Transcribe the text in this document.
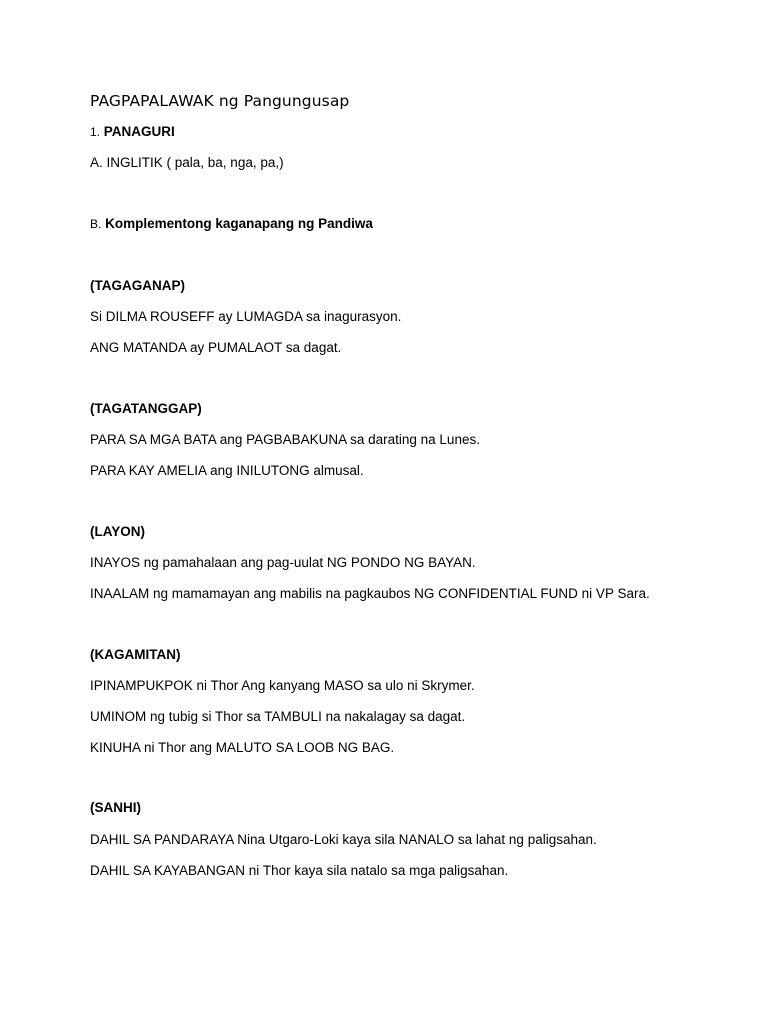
PAGPAPALAWAK ng Pangungusap
1. PANAGURI
A. INGLITIK ( pala, ba, nga, pa,)
B. Komplementong kaganapang ng Pandiwa
(TAGAGANAP)
Si DILMA ROUSEFF ay LUMAGDA sa inagurasyon.
ANG MATANDA ay PUMALAOT sa dagat.
(TAGATANGGAP)
PARA SA MGA BATA ang PAGBABAKUNA sa darating na Lunes.
PARA KAY AMELIA ang INILUTONG almusal.
(LAYON)
INAYOS ng pamahalaan ang pag-uulat NG PONDO NG BAYAN.
INAALAM ng mamamayan ang mabilis na pagkaubos NG CONFIDENTIAL FUND ni VP Sara.
(KAGAMITAN)
IPINAMPUKPOK ni Thor Ang kanyang MASO sa ulo ni Skrymer.
UMINOM ng tubig si Thor sa TAMBULI na nakalagay sa dagat.
KINUHA ni Thor ang MALUTO SA LOOB NG BAG.
(SANHI)
DAHIL SA PANDARAYA Nina Utgaro-Loki kaya sila NANALO sa lahat ng paligsahan.
DAHIL SA KAYABANGAN ni Thor kaya sila natalo sa mga paligsahan.
